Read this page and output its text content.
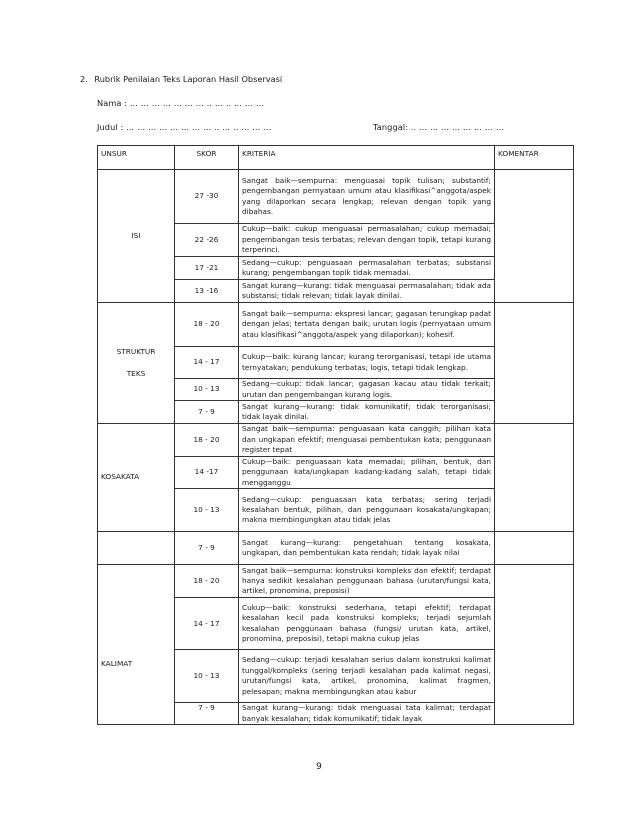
2. Rubrik Penilaian Teks Laporan Hasil Observasi
Nama : … … … … … … … .. … .. … … …
Judul : … … … … … … … … .. … .. … … …	Tanggal: .. … … … … … … … …
UNSUR	SKOR	KRITERIA	KOMENTAR
ISI	27 -30	Sangat baik—sempurna: menguasai topik tulisan; substantif; pengembangan pernyataan umum atau klasifikasi^anggota/aspek yang dilaporkan secara lengkap; relevan dengan topik yang dibahas.	
	22 -26	Cukup—baik: cukup menguasai permasalahan; cukup memadai; pengembangan tesis terbatas; relevan dengan topik, tetapi kurang terperinci.	
	17 -21	Sedang—cukup: penguasaan permasalahan terbatas; substansi kurang; pengembangan topik tidak memadai.	
	13 -16	Sangat kurang—kurang: tidak menguasai permasalahan; tidak ada substansi; tidak relevan; tidak layak dinilai.	

STRUKTUR
TEKS	18 - 20	Sangat baik—sempurna: ekspresi lancar; gagasan terungkap padat dengan jelas; tertata dengan baik; urutan logis (pernyataan umum atau klasifikasi^anggota/aspek yang dilaporkan); kohesif.	
	14 - 17	Cukup—baik: kurang lancar; kurang terorganisasi, tetapi ide utama ternyatakan; pendukung terbatas; logis, tetapi tidak lengkap.	
	10 - 13	Sedang—cukup: tidak lancar; gagasan kacau atau tidak terkait; urutan dan pengembangan kurang logis.	
	7 - 9	Sangat kurang—kurang: tidak komunikatif; tidak terorganisasi; tidak layak dinilai.	
KOSAKATA	18 - 20	Sangat baik—sempurna: penguasaan kata canggih; pilihan kata dan ungkapan efektif; menguasai pembentukan kata; penggunaan register tepat	
	14 -17	Cukup—baik: penguasaan kata memadai; pilihan, bentuk, dan penggunaan kata/ungkapan kadang-kadang salah, tetapi tidak mengganggu	
	10 - 13	Sedang—cukup: penguasaan kata terbatas; sering terjadi kesalahan bentuk, pilihan, dan penggunaan kosakata/ungkapan; makna membingungkan atau tidak jelas	
	7 - 9	Sangat kurang—kurang: pengetahuan tentang kosakata, ungkapan, dan pembentukan kata rendah; tidak layak nilai	
KALIMAT	18 - 20	Sangat baik—sempurna: konstruksi kompleks dan efektif; terdapat hanya sedikit kesalahan penggunaan bahasa (urutan/fungsi kata, artikel, pronomina, preposisi)	
	14 - 17	Cukup—baik: konstruksi sederhana, tetapi efektif; terdapat kesalahan kecil pada konstruksi kompleks; terjadi sejumlah kesalahan penggunaan bahasa (fungsi/ urutan kata, artikel, pronomina, preposisi), tetapi makna cukup jelas	
	10 - 13	Sedang—cukup: terjadi kesalahan serius dalam konstruksi kalimat tunggal/kompleks (sering terjadi kesalahan pada kalimat negasi, urutan/fungsi kata, artikel, pronomina, kalimat fragmen, pelesapan; makna membingungkan atau kabur	
	7 - 9	Sangat kurang—kurang: tidak menguasai tata kalimat; terdapat banyak kesalahan; tidak komunikatif; tidak layak	
9
